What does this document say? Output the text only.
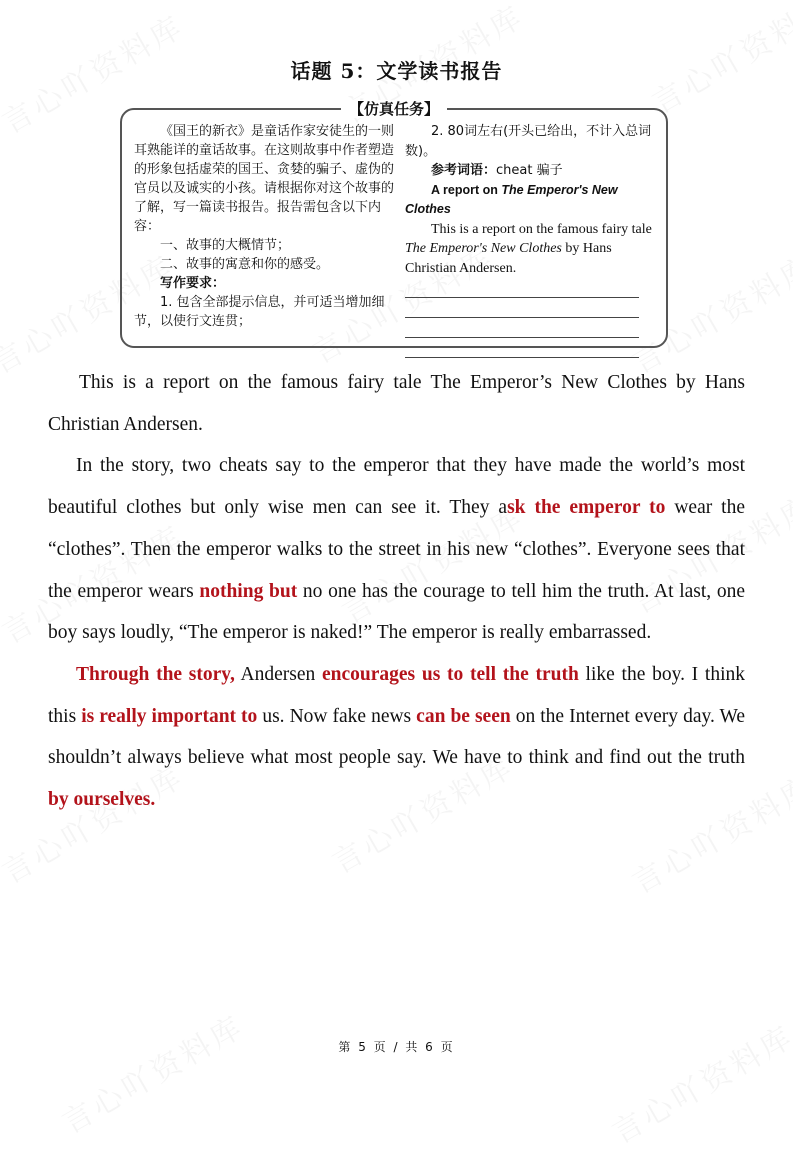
话题 5：文学读书报告
【仿真任务】

《国王的新衣》是童话作家安徒生的一则耳熟能详的童话故事。在这则故事中作者塑造的形象包括虚荣的国王、贪婪的骗子、虚伪的官员以及诚实的小孩。请根据你对这个故事的了解，写一篇读书报告。报告需包含以下内容：

一、故事的大概情节；

二、故事的寓意和你的感受。

写作要求：

1. 包含全部提示信息，并可适当增加细节，以使行文连贯；

2. 80词左右(开头已给出，不计入总词数)。

参考词语：cheat 骗子

A report on The Emperor's New Clothes

This is a report on the famous fairy tale The Emperor's New Clothes by Hans Christian Andersen.

This is a report on the famous fairy tale The Emperor’s New Clothes by Hans Christian Andersen.

In the story, two cheats say to the emperor that they have made the world’s most beautiful clothes but only wise men can see it. They ask the emperor to wear the “clothes”. Then the emperor walks to the street in his new “clothes”. Everyone sees that the emperor wears nothing but no one has the courage to tell him the truth. At last, one boy says loudly, “The emperor is naked!” The emperor is really embarrassed.

Through the story, Andersen encourages us to tell the truth like the boy. I think this is really important to us. Now fake news can be seen on the Internet every day. We shouldn’t always believe what most people say. We have to think and find out the truth by ourselves.

第 5 页 / 共 6 页
